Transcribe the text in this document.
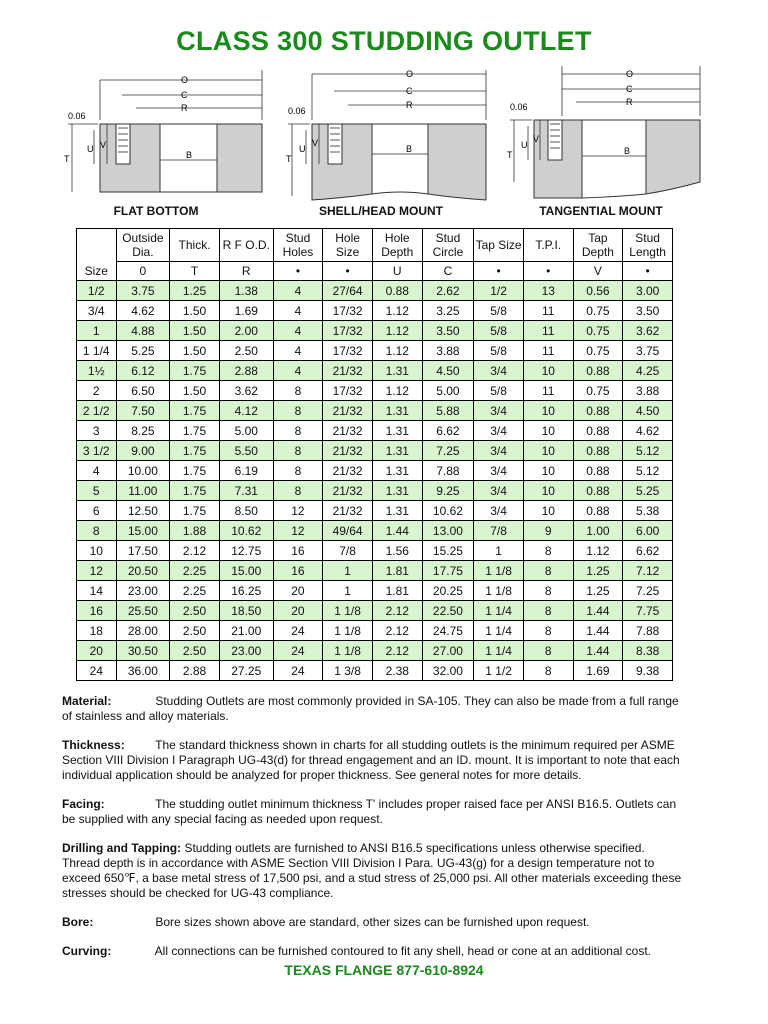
CLASS 300 STUDDING OUTLET
0.06
O
C
R
T
U V
B
0.06
O
C
R
T
U
V
B
0.06
O
C
R
T
U
V
B
FLAT BOTTOM	SHELL/HEAD MOUNT	TANGENTIAL MOUNT
Size	Outside Dia.	Thick.	R F O.D.	Stud Holes	Hole Size	Hole Depth	Stud Circle	Tap Size	T.P.I.	Tap Depth	Stud Length
	0	T	R	•	•	U	C	•	•	V	•
1/2	3.75	1.25	1.38	4	27/64	0.88	2.62	1/2	13	0.56	3.00
3/4	4.62	1.50	1.69	4	17/32	1.12	3.25	5/8	11	0.75	3.50
1	4.88	1.50	2.00	4	17/32	1.12	3.50	5/8	11	0.75	3.62
1 1/4	5.25	1.50	2.50	4	17/32	1.12	3.88	5/8	11	0.75	3.75
1½	6.12	1.75	2.88	4	21/32	1.31	4.50	3/4	10	0.88	4.25
2	6.50	1.50	3.62	8	17/32	1.12	5.00	5/8	11	0.75	3.88
2 1/2	7.50	1.75	4.12	8	21/32	1.31	5.88	3/4	10	0.88	4.50
3	8.25	1.75	5.00	8	21/32	1.31	6.62	3/4	10	0.88	4.62
3 1/2	9.00	1.75	5.50	8	21/32	1.31	7.25	3/4	10	0.88	5.12
4	10.00	1.75	6.19	8	21/32	1.31	7.88	3/4	10	0.88	5.12
5	11.00	1.75	7.31	8	21/32	1.31	9.25	3/4	10	0.88	5.25
6	12.50	1.75	8.50	12	21/32	1.31	10.62	3/4	10	0.88	5.38
8	15.00	1.88	10.62	12	49/64	1.44	13.00	7/8	9	1.00	6.00
10	17.50	2.12	12.75	16	7/8	1.56	15.25	1	8	1.12	6.62
12	20.50	2.25	15.00	16	1	1.81	17.75	1 1/8	8	1.25	7.12
14	23.00	2.25	16.25	20	1	1.81	20.25	1 1/8	8	1.25	7.25
16	25.50	2.50	18.50	20	1 1/8	2.12	22.50	1 1/4	8	1.44	7.75
18	28.00	2.50	21.00	24	1 1/8	2.12	24.75	1 1/4	8	1.44	7.88
20	30.50	2.50	23.00	24	1 1/8	2.12	27.00	1 1/4	8	1.44	8.38
24	36.00	2.88	27.25	24	1 3/8	2.38	32.00	1 1/2	8	1.69	9.38

Material:	Studding Outlets are most commonly provided in SA-105. They can also be made from a full range of stainless and alloy materials.

Thickness:	The standard thickness shown in charts for all studding outlets is the minimum required per ASME Section VIII Division I Paragraph UG-43(d) for thread engagement and an ID. mount. It is important to note that each individual application should be analyzed for proper thickness. See general notes for more details.

Facing:	The studding outlet minimum thickness T' includes proper raised face per ANSI B16.5. Outlets can be supplied with any special facing as needed upon request.

Drilling and Tapping: Studding outlets are furnished to ANSI B16.5 specifications unless otherwise specified. Thread depth is in accordance with ASME Section VIII Division I Para. UG-43(g) for a design temperature not to exceed 650℉, a base metal stress of 17,500 psi, and a stud stress of 25,000 psi. All other materials exceeding these stresses should be checked for UG-43 compliance.

Bore:	Bore sizes shown above are standard, other sizes can be furnished upon request.

Curving:	All connections can be furnished contoured to fit any shell, head or cone at an additional cost.

TEXAS FLANGE 877-610-8924
